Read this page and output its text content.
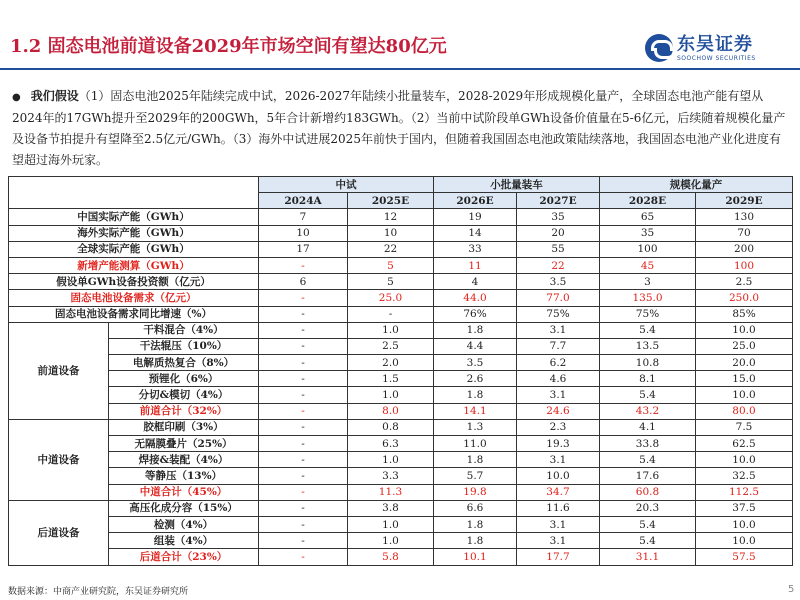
1.2 固态电池前道设备2029年市场空间有望达80亿元	东吴证券
SOOCHOW SECURITIES
● 我们假设（1）固态电池2025年陆续完成中试，2026-2027年陆续小批量装车，2028-2029年形成规模化量产，全球固态电池产能有望从2024年的17GWh提升至2029年的200GWh，5年合计新增约183GWh。（2）当前中试阶段单GWh设备价值量在5-6亿元，后续随着规模化量产及设备节拍提升有望降至2.5亿元/GWh。（3）海外中试进展2025年前快于国内，但随着我国固态电池政策陆续落地，我国固态电池产业化进度有望超过海外玩家。
		中试		小批量装车		规模化量产	
		2024A	2025E	2026E	2027E	2028E	2029E
中国实际产能（GWh）		7	12	19	35	65	130
海外实际产能（GWh）		10	10	14	20	35	70
全球实际产能（GWh）		17	22	33	55	100	200
新增产能测算（GWh）		-	5	11	22	45	100
假设单GWh设备投资额（亿元）		6	5	4	3.5	3	2.5
固态电池设备需求（亿元）		-	25.0	44.0	77.0	135.0	250.0
固态电池设备需求同比增速（%）		-	-	76%	75%	75%	85%
前道设备	干料混合（4%）	-	1.0	1.8	3.1	5.4	10.0
	干法辊压（10%）	-	2.5	4.4	7.7	13.5	25.0
	电解质热复合（8%）	-	2.0	3.5	6.2	10.8	20.0
	预锂化（6%）	-	1.5	2.6	4.6	8.1	15.0
	分切&模切（4%）	-	1.0	1.8	3.1	5.4	10.0
	前道合计（32%）	-	8.0	14.1	24.6	43.2	80.0
中道设备	胶框印刷（3%）	-	0.8	1.3	2.3	4.1	7.5
	无隔膜叠片（25%）	-	6.3	11.0	19.3	33.8	62.5
	焊接&装配（4%）	-	1.0	1.8	3.1	5.4	10.0
	等静压（13%）	-	3.3	5.7	10.0	17.6	32.5
	中道合计（45%）	-	11.3	19.8	34.7	60.8	112.5
后道设备	高压化成分容（15%）	-	3.8	6.6	11.6	20.3	37.5
	检测（4%）	-	1.0	1.8	3.1	5.4	10.0
	组装（4%）	-	1.0	1.8	3.1	5.4	10.0
	后道合计（23%）	-	5.8	10.1	17.7	31.1	57.5
数据来源：中商产业研究院，东吴证券研究所	5
